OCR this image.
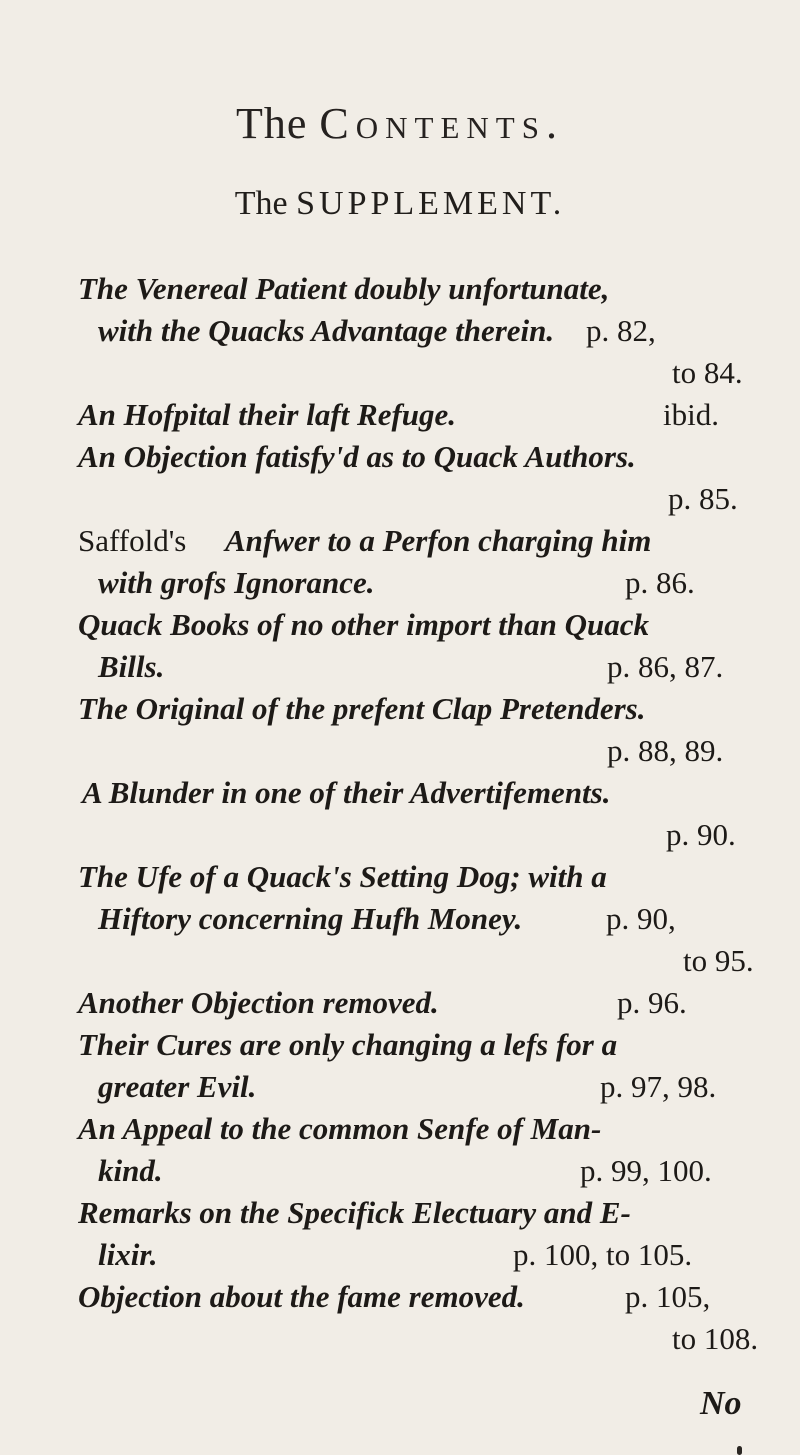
The Contents.
The SUPPLEMENT.
The Venereal Patient doubly unfortunate,
with the Quacks Advantage therein. p. 82,
to 84.
An Hofpital their laft Refuge.	ibid.
An Objection fatisfy'd as to Quack Authors.
p. 85.
Saffold's Anfwer to a Perfon charging him
with grofs Ignorance.	p. 86.
Quack Books of no other import than Quack
Bills.	p. 86, 87.
The Original of the prefent Clap Pretenders.
p. 88, 89.
A Blunder in one of their Advertifements.
p. 90.
The Ufe of a Quack's Setting Dog; with a
Hiftory concerning Hufh Money.	p. 90,
to 95.
Another Objection removed.	p. 96.
Their Cures are only changing a lefs for a
greater Evil.	p. 97, 98.
An Appeal to the common Senfe of Man-
kind.	p. 99, 100.
Remarks on the Specifick Electuary and E-
lixir.	p. 100, to 105.
Objection about the fame removed.	p. 105,
to 108.
No
